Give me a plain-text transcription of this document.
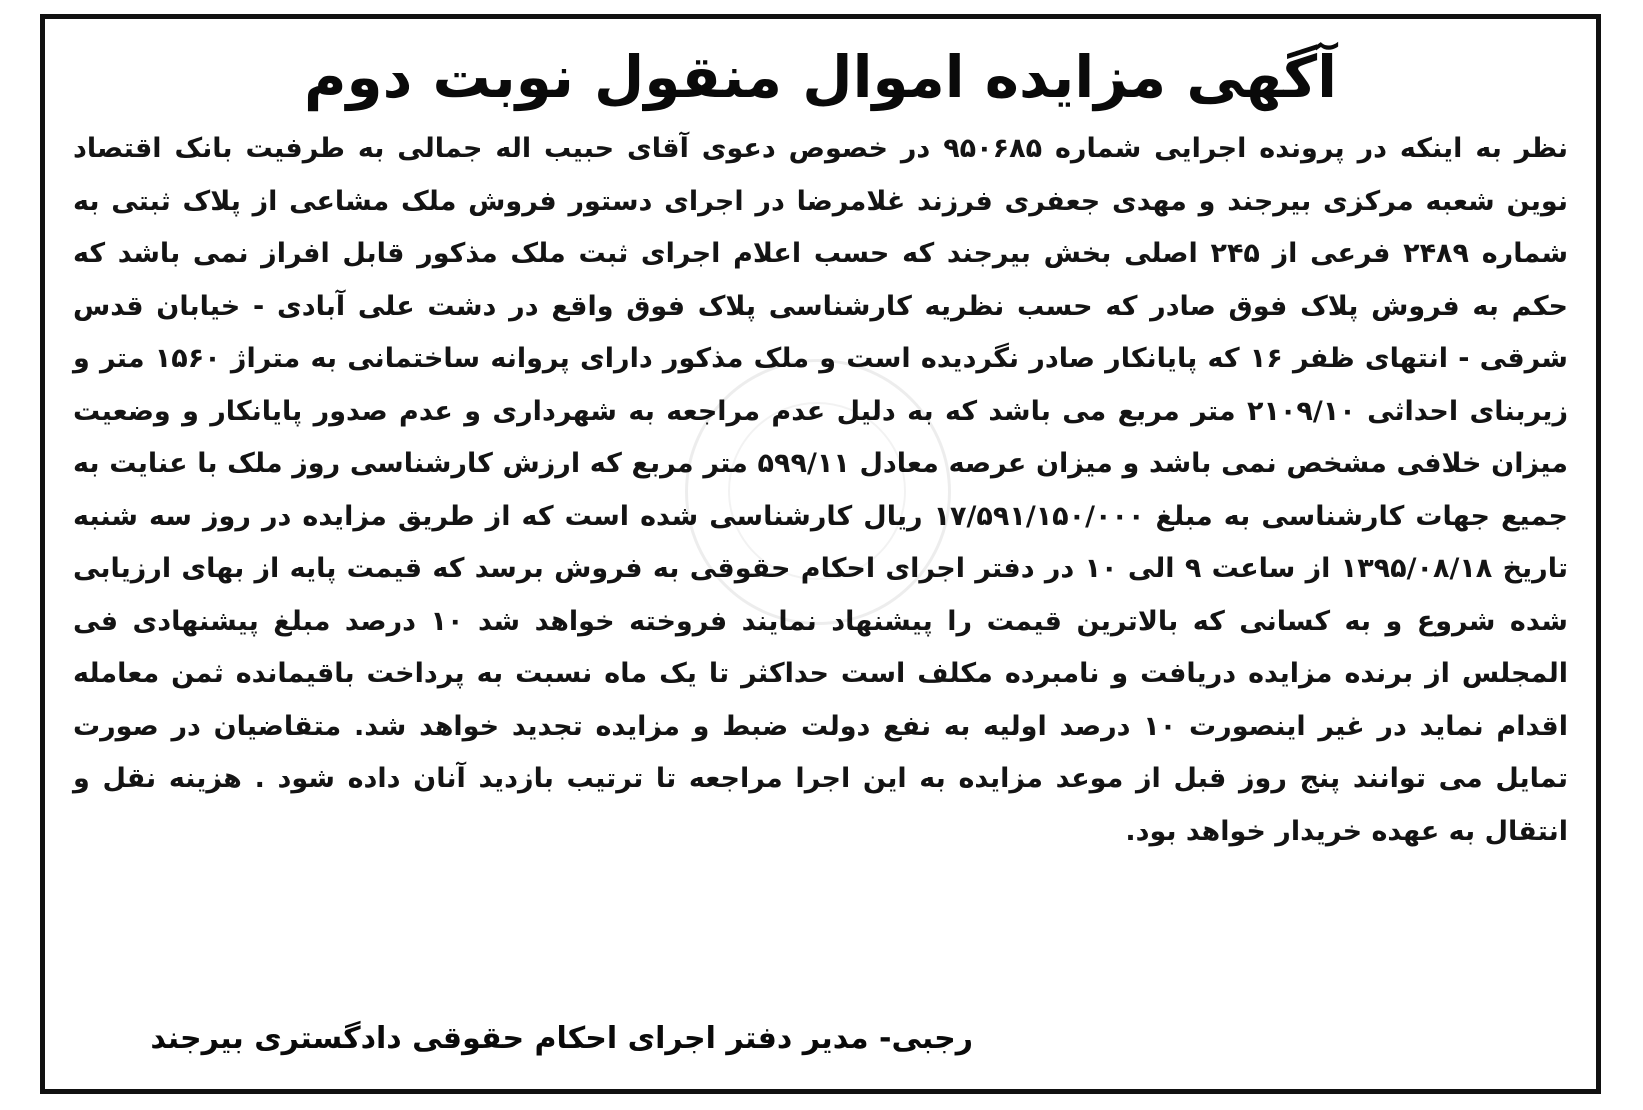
آگهی مزایده اموال منقول نوبت دوم

نظر به اینکه در پرونده اجرایی شماره ۹۵۰۶۸۵ در خصوص دعوی آقای حبیب اله جمالی به طرفیت بانک اقتصاد نوین شعبه مرکزی بیرجند و مهدی جعفری فرزند غلامرضا در اجرای دستور فروش ملک مشاعی از پلاک ثبتی به شماره ۲۴۸۹ فرعی از ۲۴۵ اصلی بخش بیرجند که حسب اعلام اجرای ثبت ملک مذکور قابل افراز نمی باشد که حکم به فروش پلاک فوق صادر که حسب نظریه کارشناسی پلاک فوق واقع در دشت علی آبادی - خیابان قدس شرقی - انتهای ظفر ۱۶ که پایانکار صادر نگردیده است و ملک مذکور دارای پروانه ساختمانی به متراژ ۱۵۶۰ متر و زیربنای احداثی ۲۱۰۹/۱۰ متر مربع می باشد که به دلیل عدم مراجعه به شهرداری و عدم صدور پایانکار و وضعیت میزان خلافی مشخص نمی باشد و میزان عرصه معادل ۵۹۹/۱۱ متر مربع که ارزش کارشناسی روز ملک با عنایت به جمیع جهات کارشناسی به مبلغ ۱۷/۵۹۱/۱۵۰/۰۰۰ ریال کارشناسی شده است که از طریق مزایده در روز سه شنبه تاریخ ۱۳۹۵/۰۸/۱۸ از ساعت ۹ الی ۱۰ در دفتر اجرای احکام حقوقی به فروش برسد که قیمت پایه از بهای ارزیابی شده شروع و به کسانی که بالاترین قیمت را پیشنهاد نمایند فروخته خواهد شد ۱۰ درصد مبلغ پیشنهادی فی المجلس از برنده مزایده دریافت و نامبرده مکلف است حداکثر تا یک ماه نسبت به پرداخت باقیمانده ثمن معامله اقدام نماید در غیر اینصورت ۱۰ درصد اولیه به نفع دولت ضبط و مزایده تجدید خواهد شد. متقاضیان در صورت تمایل می توانند پنج روز قبل از موعد مزایده به این اجرا مراجعه تا ترتیب بازدید آنان داده شود . هزینه نقل و انتقال به عهده خریدار خواهد بود.

رجبی- مدیر دفتر اجرای احکام حقوقی دادگستری بیرجند
